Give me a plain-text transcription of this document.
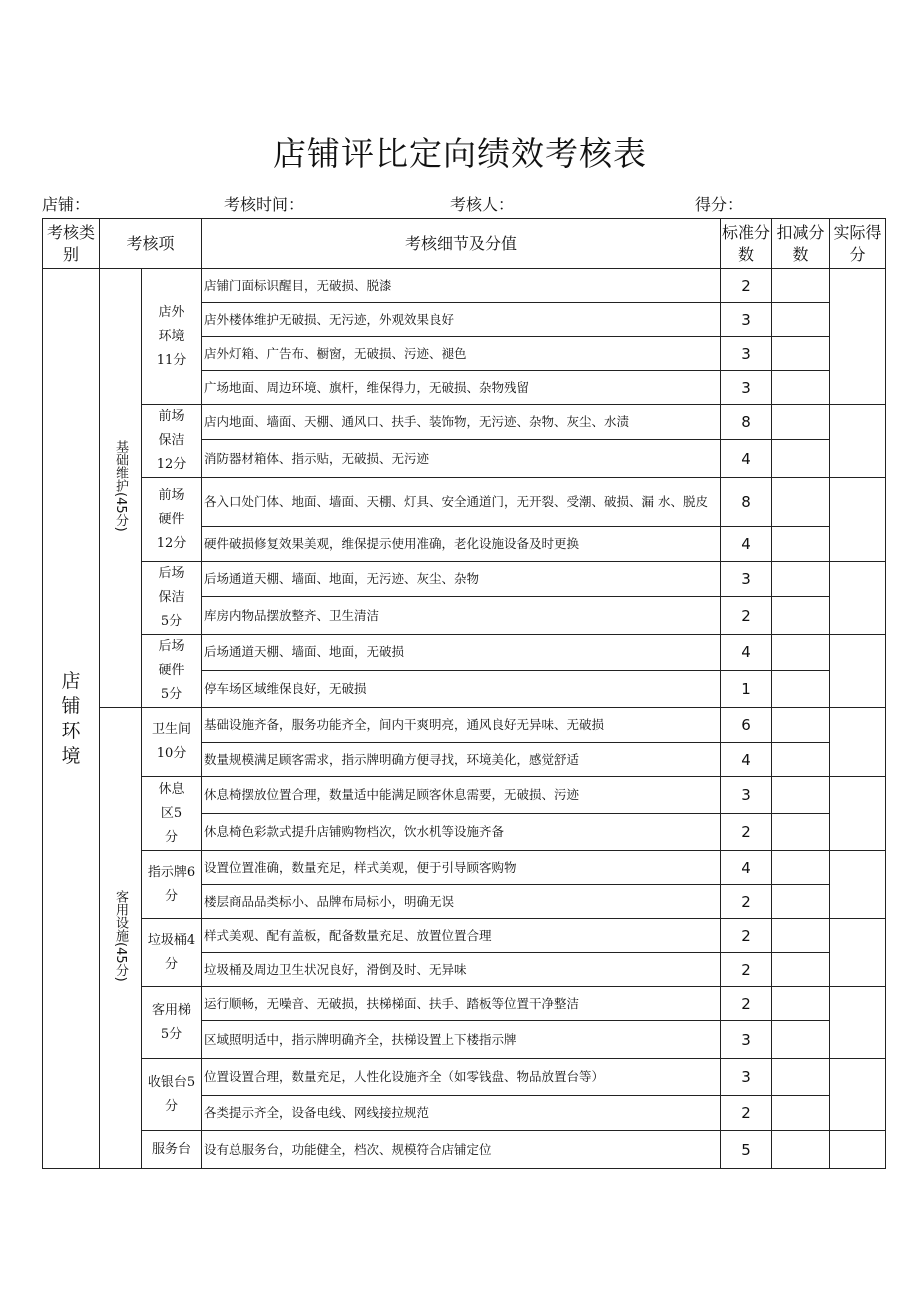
店铺评比定向绩效考核表
店铺：	考核时间：	考核人：	得分：
考核类别	考核项		考核细节及分值	标准分数	扣减分数	实际得分
店铺环境	基础维护(45分)	店外环境11分	店铺门面标识醒目，无破损、脱漆	2		
			店外楼体维护无破损、无污迹，外观效果良好	3		
			店外灯箱、广告布、橱窗，无破损、污迹、褪色	3		
			广场地面、周边环境、旗杆，维保得力，无破损、杂物残留	3		
		前场保洁12分	店内地面、墙面、天棚、通风口、扶手、装饰物，无污迹、杂物、灰尘、水渍	8		
			消防器材箱体、指示贴，无破损、无污迹	4		
		前场硬件12分	各入口处门体、地面、墙面、天棚、灯具、安全通道门，无开裂、受潮、破损、漏 水、脱皮	8		
			硬件破损修复效果美观，维保提示使用准确，老化设施设备及时更换	4		
		后场保洁5分	后场通道天棚、墙面、地面，无污迹、灰尘、杂物	3		
			库房内物品摆放整齐、卫生清洁	2		
		后场硬件5分	后场通道天棚、墙面、地面，无破损	4		
			停车场区域维保良好，无破损	1		
	客用设施(45分)	卫生间10分	基础设施齐备，服务功能齐全，间内干爽明亮，通风良好无异味、无破损	6		
			数量规模满足顾客需求，指示牌明确方便寻找，环境美化，感觉舒适	4		
		休息区5分	休息椅摆放位置合理，数量适中能满足顾客休息需要，无破损、污迹	3		
			休息椅色彩款式提升店铺购物档次，饮水机等设施齐备	2		
		指示牌6分	设置位置准确，数量充足，样式美观，便于引导顾客购物	4		
			楼层商品品类标小、品牌布局标小，明确无误	2		
		垃圾桶4分	样式美观、配有盖板，配备数量充足、放置位置合理	2		
			垃圾桶及周边卫生状况良好，滑倒及时、无异味	2		
		客用梯5分	运行顺畅，无噪音、无破损，扶梯梯面、扶手、踏板等位置干净整洁	2		
			区域照明适中，指示牌明确齐全，扶梯设置上下楼指示牌	3		
		收银台5分	位置设置合理，数量充足，人性化设施齐全（如零钱盘、物品放置台等）	3		
			各类提示齐全，设备电线、网线接拉规范	2		
		服务台	设有总服务台，功能健全，档次、规模符合店铺定位	5		
